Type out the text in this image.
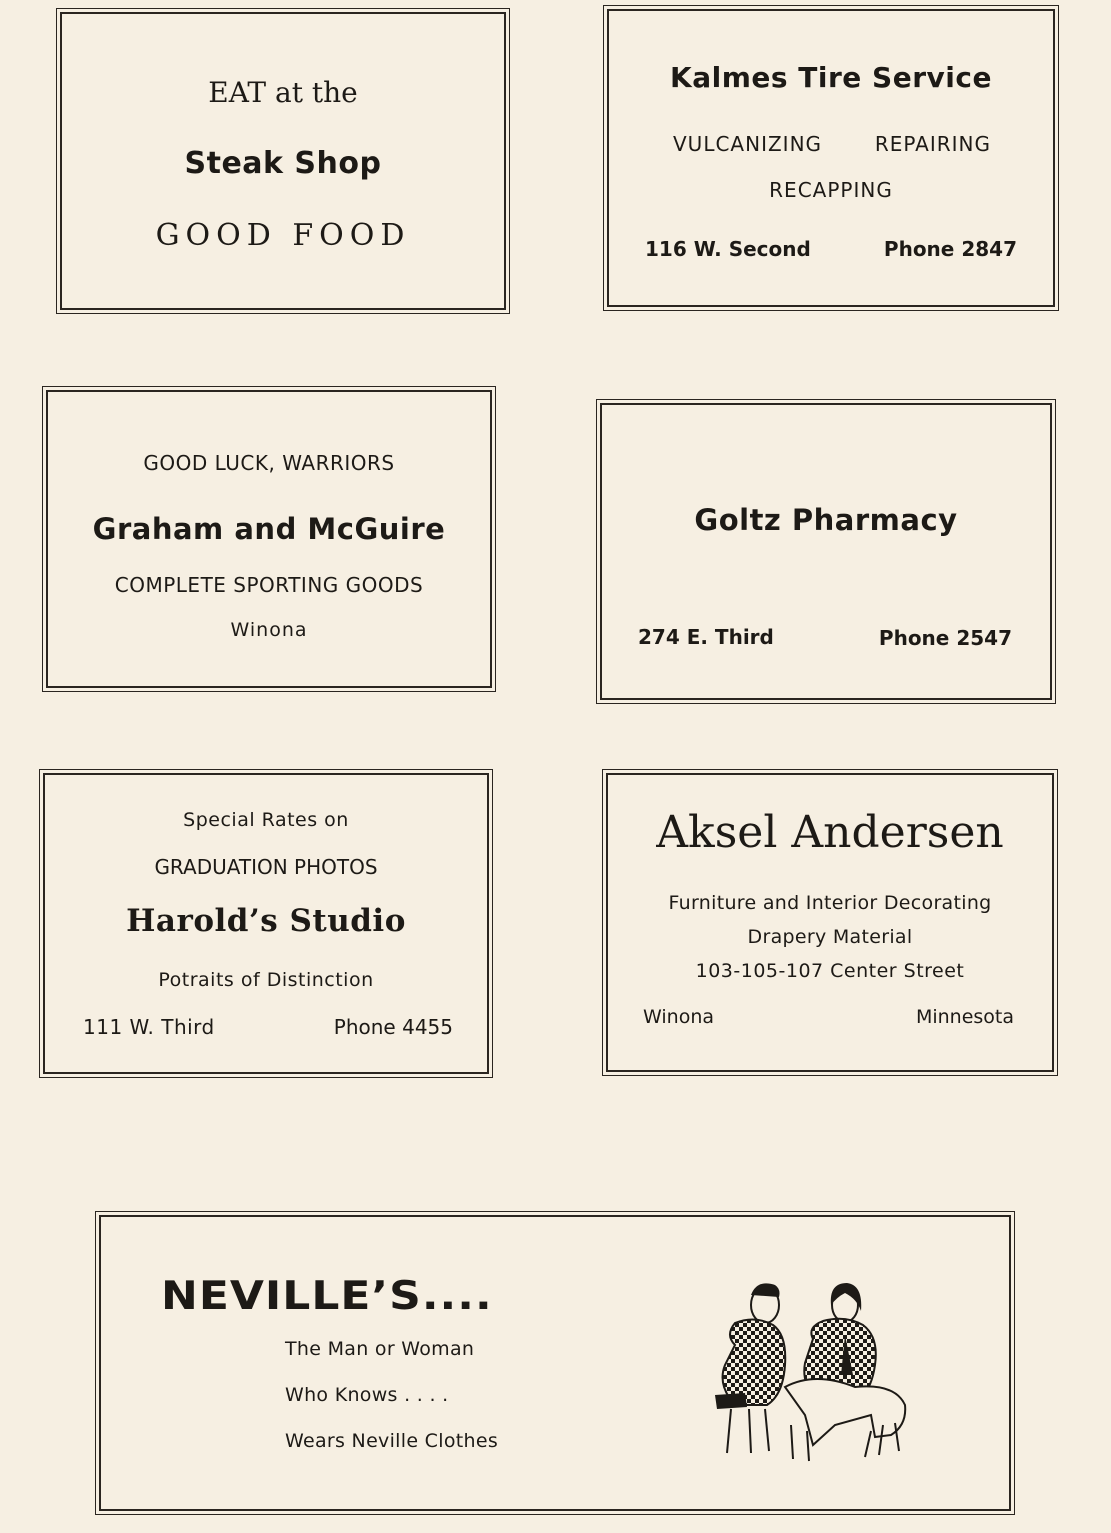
EAT at the
Steak Shop
GOOD FOOD
Kalmes Tire Service
VULCANIZING	REPAIRING
RECAPPING
116 W. Second	Phone 2847
GOOD LUCK, WARRIORS
Graham and McGuire
COMPLETE SPORTING GOODS
Winona
Goltz Pharmacy
274 E. Third	Phone 2547
Special Rates on
GRADUATION PHOTOS
Harold’s Studio
Potraits of Distinction
111 W. Third	Phone 4455
Aksel Andersen
Furniture and Interior Decorating
Drapery Material
103-105-107 Center Street
Winona	Minnesota
NEVILLE’S....
The Man or Woman
Who Knows . . . .
Wears Neville Clothes
